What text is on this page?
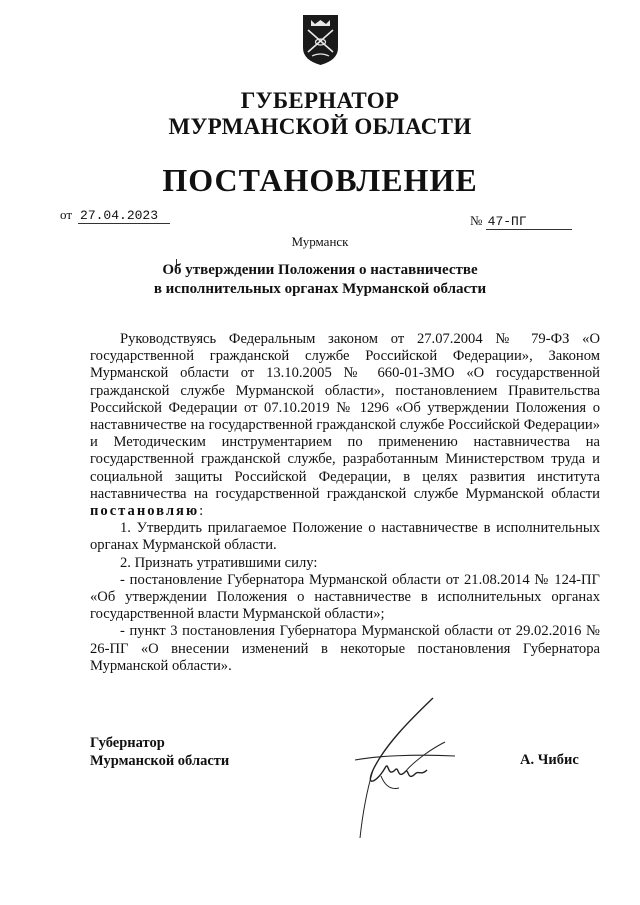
ГУБЕРНАТОР
МУРМАНСКОЙ ОБЛАСТИ
ПОСТАНОВЛЕНИЕ
от 27.04.2023	№ 47-ПГ
Мурманск
Об утверждении Положения о наставничестве
в исполнительных органах Мурманской области

Руководствуясь Федеральным законом от 27.07.2004 № 79-ФЗ «О государственной гражданской службе Российской Федерации», Законом Мурманской области от 13.10.2005 № 660-01-ЗМО «О государственной гражданской службе Мурманской области», постановлением Правительства Российской Федерации от 07.10.2019 № 1296 «Об утверждении Положения о наставничестве на государственной гражданской службе Российской Федерации» и Методическим инструментарием по применению наставничества на государственной гражданской службе, разработанным Министерством труда и социальной защиты Российской Федерации, в целях развития института наставничества на государственной гражданской службе Мурманской области постановляю:

1. Утвердить прилагаемое Положение о наставничестве в исполнительных органах Мурманской области.

2. Признать утратившими силу:

- постановление Губернатора Мурманской области от 21.08.2014 № 124-ПГ «Об утверждении Положения о наставничестве в исполнительных органах государственной власти Мурманской области»;

- пункт 3 постановления Губернатора Мурманской области от 29.02.2016 № 26-ПГ «О внесении изменений в некоторые постановления Губернатора Мурманской области».

Губернатор
Мурманской области	А. Чибис
